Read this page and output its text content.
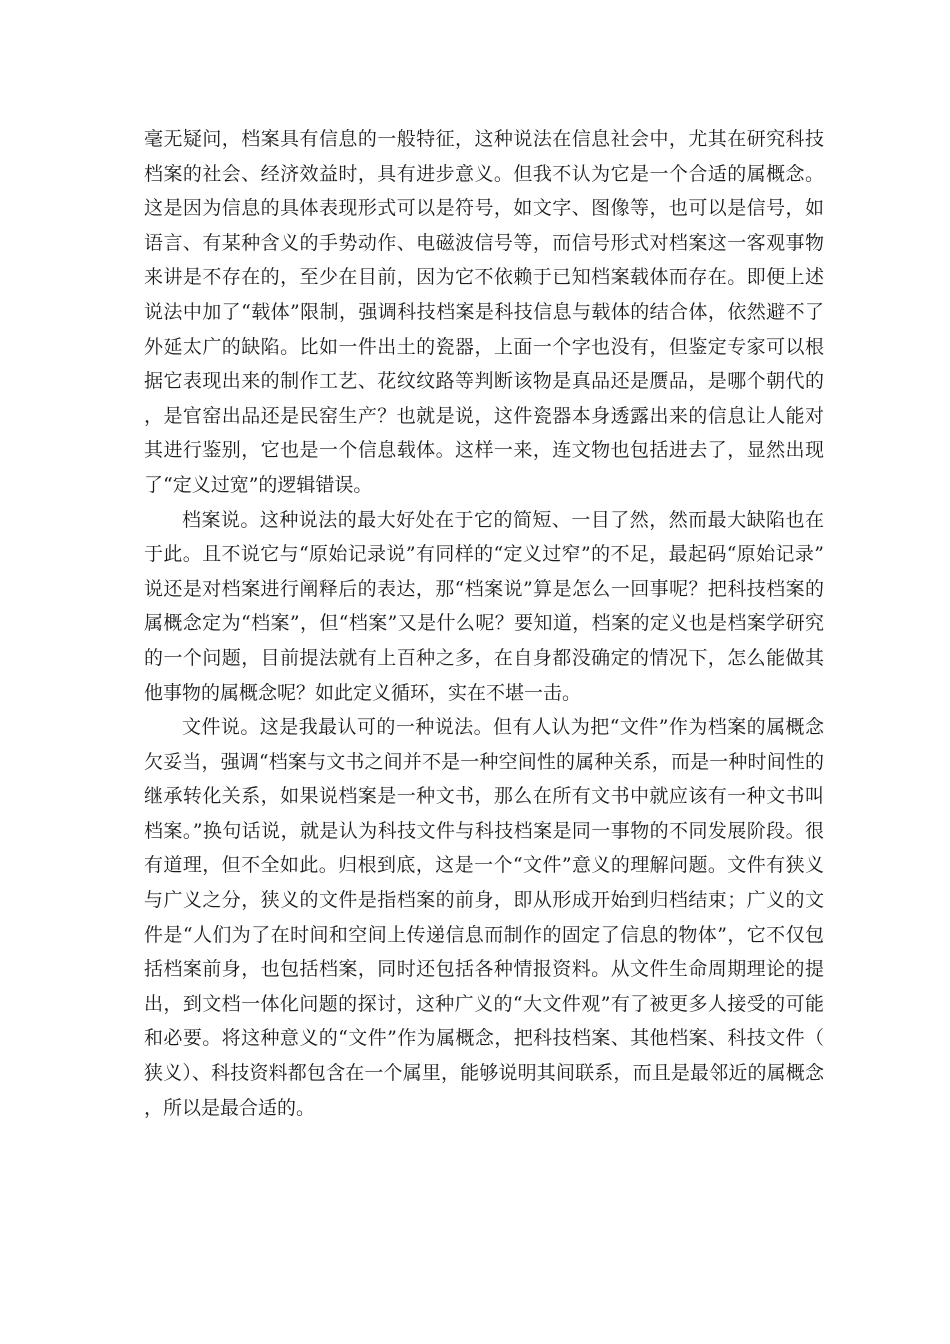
毫无疑问，档案具有信息的一般特征，这种说法在信息社会中，尤其在研究科技档案的社会、经济效益时，具有进步意义。但我不认为它是一个合适的属概念。这是因为信息的具体表现形式可以是符号，如文字、图像等，也可以是信号，如语言、有某种含义的手势动作、电磁波信号等，而信号形式对档案这一客观事物来讲是不存在的，至少在目前，因为它不依赖于已知档案载体而存在。即便上述说法中加了“载体”限制，强调科技档案是科技信息与载体的结合体，依然避不了外延太广的缺陷。比如一件出土的瓷器，上面一个字也没有，但鉴定专家可以根据它表现出来的制作工艺、花纹纹路等判断该物是真品还是赝品，是哪个朝代的，是官窑出品还是民窑生产？也就是说，这件瓷器本身透露出来的信息让人能对其进行鉴别，它也是一个信息载体。这样一来，连文物也包括进去了，显然出现了“定义过宽”的逻辑错误。

档案说。这种说法的最大好处在于它的简短、一目了然，然而最大缺陷也在于此。且不说它与“原始记录说”有同样的“定义过窄”的不足，最起码“原始记录”说还是对档案进行阐释后的表达，那“档案说”算是怎么一回事呢？把科技档案的属概念定为“档案”，但“档案”又是什么呢？要知道，档案的定义也是档案学研究的一个问题，目前提法就有上百种之多，在自身都没确定的情况下，怎么能做其他事物的属概念呢？如此定义循环，实在不堪一击。

文件说。这是我最认可的一种说法。但有人认为把“文件”作为档案的属概念欠妥当，强调“档案与文书之间并不是一种空间性的属种关系，而是一种时间性的继承转化关系，如果说档案是一种文书，那么在所有文书中就应该有一种文书叫档案。”换句话说，就是认为科技文件与科技档案是同一事物的不同发展阶段。很有道理，但不全如此。归根到底，这是一个“文件”意义的理解问题。文件有狭义与广义之分，狭义的文件是指档案的前身，即从形成开始到归档结束；广义的文件是“人们为了在时间和空间上传递信息而制作的固定了信息的物体”，它不仅包括档案前身，也包括档案，同时还包括各种情报资料。从文件生命周期理论的提出，到文档一体化问题的探讨，这种广义的“大文件观”有了被更多人接受的可能和必要。将这种意义的“文件”作为属概念，把科技档案、其他档案、科技文件（狭义）、科技资料都包含在一个属里，能够说明其间联系，而且是最邻近的属概念，所以是最合适的。
